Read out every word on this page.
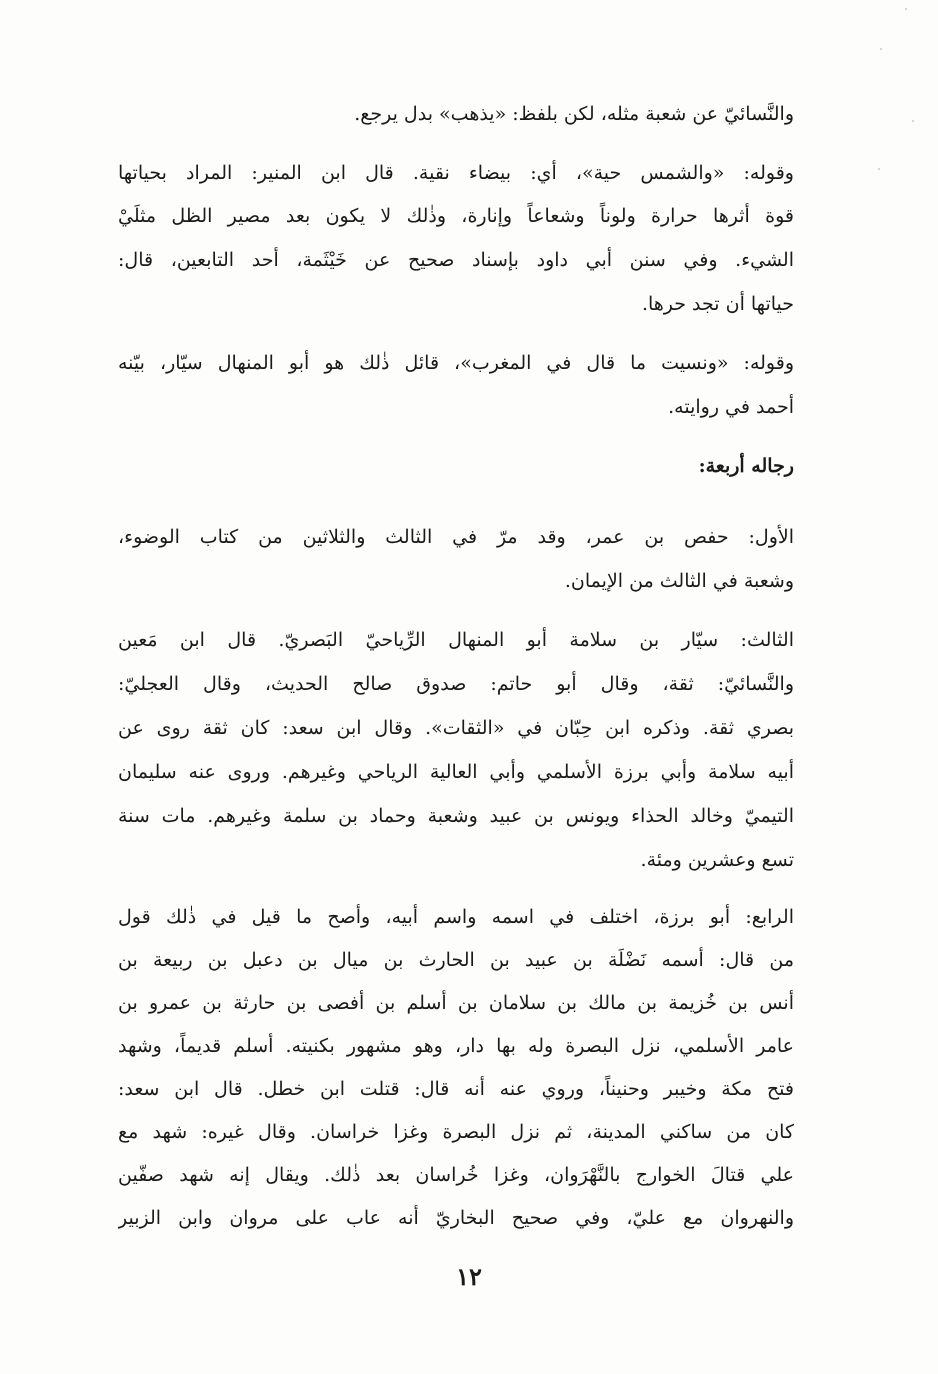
والنَّسائيّ عن شعبة مثله، لكن بلفظ: «يذهب» بدل يرجع.
وقوله: «والشمس حية»، أي: بيضاء نقية. قال ابن المنير: المراد بحياتها
قوة أثرها حرارة ولوناً وشعاعاً وإنارة، وذٰلك لا يكون بعد مصير الظل مثلَيْ
الشيء. وفي سنن أبي داود بإسناد صحيح عن خَيْثَمة، أحد التابعين، قال:
حياتها أن تجد حرها.
وقوله: «ونسيت ما قال في المغرب»، قائل ذٰلك هو أبو المنهال سيّار، بيّنه
أحمد في روايته.
رجاله أربعة:
الأول: حفص بن عمر، وقد مرّ في الثالث والثلاثين من كتاب الوضوء،
وشعبة في الثالث من الإيمان.
الثالث: سيّار بن سلامة أبو المنهال الرِّياحيّ البَصريّ. قال ابن مَعين
والنَّسائيّ: ثقة، وقال أبو حاتم: صدوق صالح الحديث، وقال العجليّ:
بصري ثقة. وذكره ابن حِبّان في «الثقات». وقال ابن سعد: كان ثقة روى عن
أبيه سلامة وأبي برزة الأسلمي وأبي العالية الرياحي وغيرهم. وروى عنه سليمان
التيميّ وخالد الحذاء ويونس بن عبيد وشعبة وحماد بن سلمة وغيرهم. مات سنة
تسع وعشرين ومئة.
الرابع: أبو برزة، اختلف في اسمه واسم أبيه، وأصح ما قيل في ذٰلك قول
من قال: أسمه نَضْلَة بن عبيد بن الحارث بن ميال بن دعبل بن ربيعة بن
أنس بن خُزيمة بن مالك بن سلامان بن أسلم بن أفصى بن حارثة بن عمرو بن
عامر الأسلمي، نزل البصرة وله بها دار، وهو مشهور بكنيته. أسلم قديماً، وشهد
فتح مكة وخيبر وحنيناً، وروي عنه أنه قال: قتلت ابن خطل. قال ابن سعد:
كان من ساكني المدينة، ثم نزل البصرة وغزا خراسان. وقال غيره: شهد مع
علي قتالَ الخوارج بالنَّهْرَوان، وغزا خُراسان بعد ذٰلك. ويقال إنه شهد صفّين
والنهروان مع عليّ، وفي صحيح البخاريّ أنه عاب على مروان وابن الزبير
١٢
